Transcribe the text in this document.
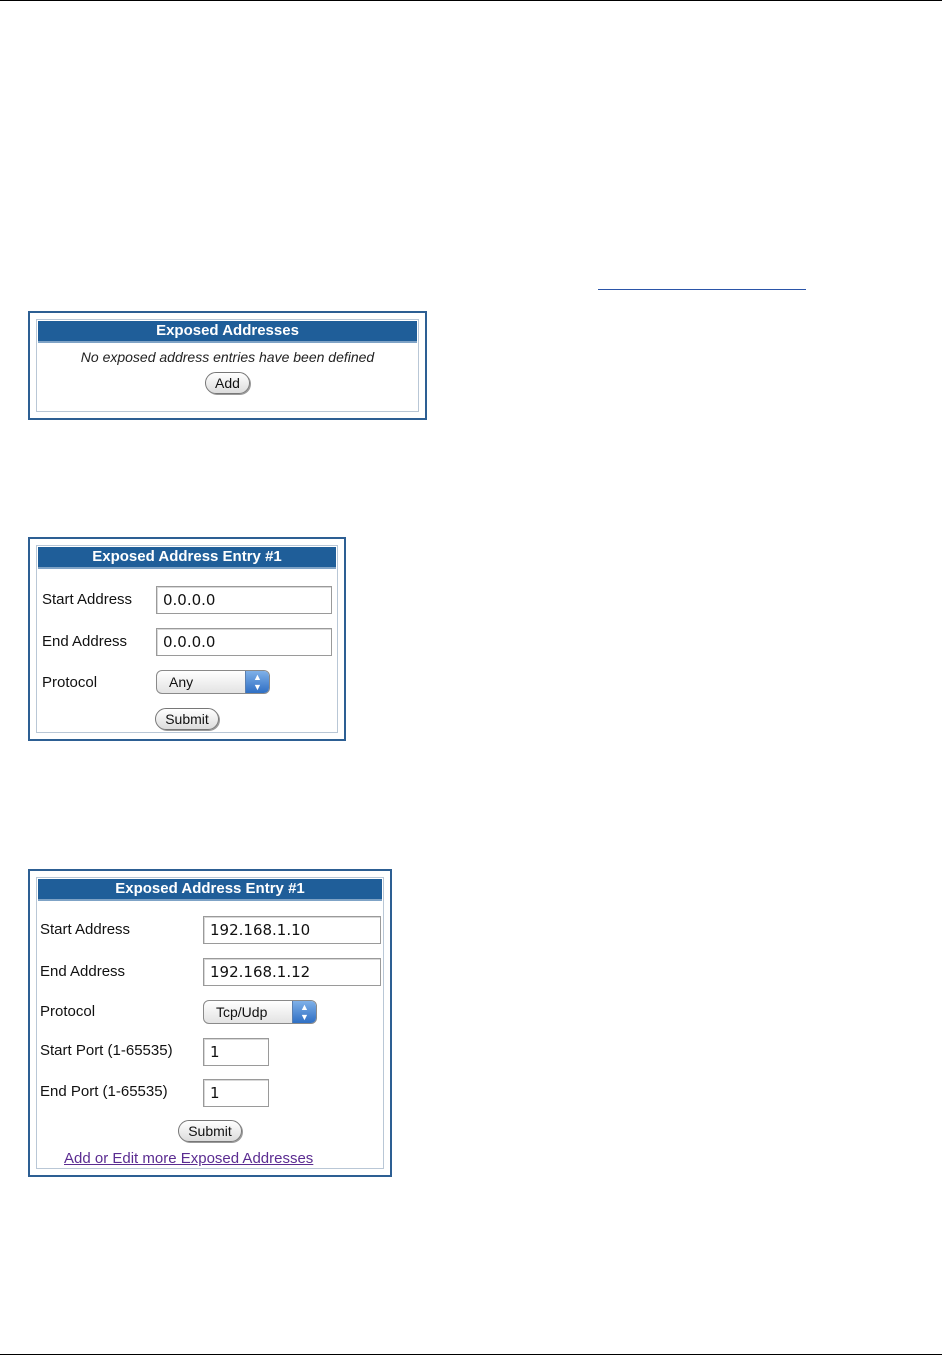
Exposed Addresses
No exposed address entries have been defined
Add
Exposed Address Entry #1
Start Address	0.0.0.0
End Address	0.0.0.0
Protocol	Any	▲
▼
Submit
Exposed Address Entry #1
Start Address	192.168.1.10
End Address	192.168.1.12
Protocol	Tcp/Udp	▲
▼
Start Port (1-65535)	1
End Port (1-65535)	1
Submit
Add or Edit more Exposed Addresses
